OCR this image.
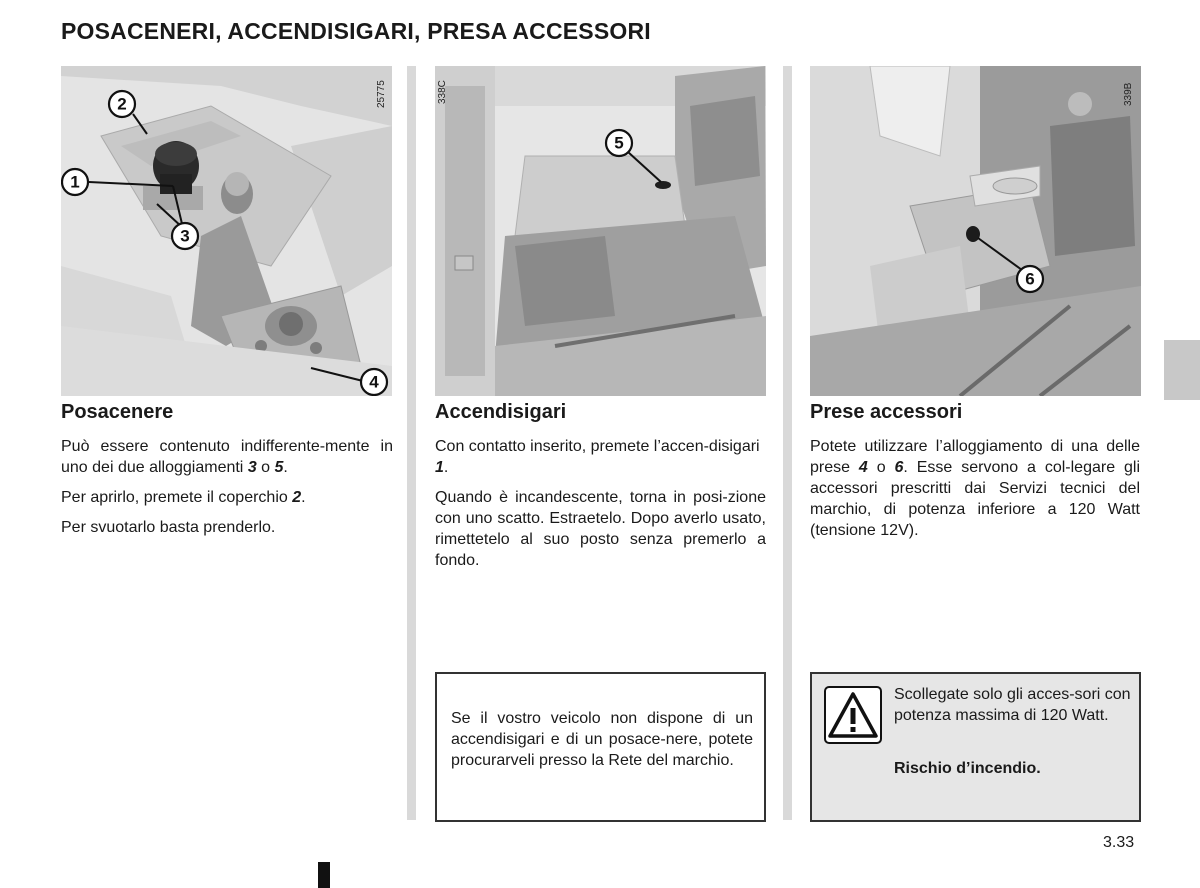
POSACENERI, ACCENDISIGARI, PRESA ACCESSORI
2
1
3
4
25775
Posacenere

Può essere contenuto indifferente-mente in uno dei due alloggiamenti 3 o 5.

Per aprirlo, premete il coperchio 2.

Per svuotarlo basta prenderlo.

5
338C
Accendisigari

Con contatto inserito, premete l’accen-disigari 1.

Quando è incandescente, torna in posi-zione con uno scatto. Estraetelo. Dopo averlo usato, rimettetelo al suo posto senza premerlo a fondo.

Se il vostro veicolo non dispone di un accendisigari e di un posace-nere, potete procurarveli presso la Rete del marchio.
6
339B
Prese accessori

Potete utilizzare l’alloggiamento di una delle prese 4 o 6. Esse servono a col-legare gli accessori prescritti dai Servizi tecnici del marchio, di potenza inferiore a 120 Watt (tensione 12V).

Scollegate solo gli acces-sori con potenza massima di 120 Watt.
Rischio d’incendio.
3.33
